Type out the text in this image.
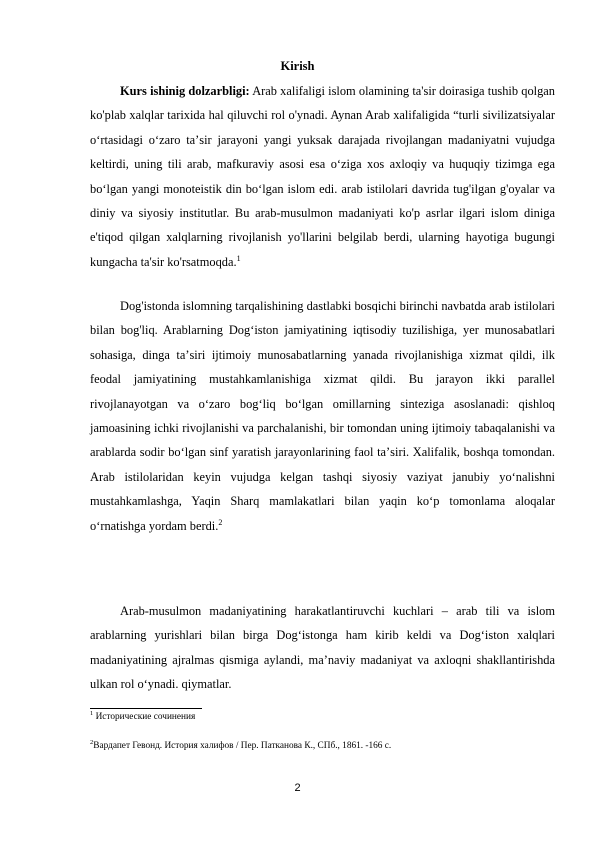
Kirish

Kurs ishinig dolzarbligi: Arab xalifaligi islom olamining ta'sir doirasiga tushib qolgan ko'plab xalqlar tarixida hal qiluvchi rol o'ynadi. Aynan Arab xalifaligida “turli sivilizatsiyalar oʻrtasidagi oʻzaro taʼsir jarayoni yangi yuksak darajada rivojlangan madaniyatni vujudga keltirdi, uning tili arab, mafkuraviy asosi esa oʻziga xos axloqiy va huquqiy tizimga ega boʻlgan yangi monoteistik din boʻlgan islom edi. arab istilolari davrida tug'ilgan g'oyalar va diniy va siyosiy institutlar. Bu arab-musulmon madaniyati ko'p asrlar ilgari islom diniga e'tiqod qilgan xalqlarning rivojlanish yo'llarini belgilab berdi, ularning hayotiga bugungi kungacha ta'sir ko'rsatmoqda.$^1$

Dog'istonda islomning tarqalishining dastlabki bosqichi birinchi navbatda arab istilolari bilan bog'liq. Arablarning Dogʻiston jamiyatining iqtisodiy tuzilishiga, yer munosabatlari sohasiga, dinga taʼsiri ijtimoiy munosabatlarning yanada rivojlanishiga xizmat qildi, ilk feodal jamiyatining mustahkamlanishiga xizmat qildi. Bu jarayon ikki parallel rivojlanayotgan va oʻzaro bogʻliq boʻlgan omillarning sinteziga asoslanadi: qishloq jamoasining ichki rivojlanishi va parchalanishi, bir tomondan uning ijtimoiy tabaqalanishi va arablarda sodir boʻlgan sinf yaratish jarayonlarining faol taʼsiri. Xalifalik, boshqa tomondan. Arab istilolaridan keyin vujudga kelgan tashqi siyosiy vaziyat janubiy yoʻnalishni mustahkamlashga, Yaqin Sharq mamlakatlari bilan yaqin koʻp tomonlama aloqalar oʻrnatishga yordam berdi.$^2$

Arab-musulmon madaniyatining harakatlantiruvchi kuchlari – arab tili va islom arablarning yurishlari bilan birga Dog‘istonga ham kirib keldi va Dog‘iston xalqlari madaniyatining ajralmas qismiga aylandi, ma’naviy madaniyat va axloqni shakllantirishda ulkan rol o‘ynadi. qiymatlar.

$^1$ Исторические сочинения
$^2$Вардапет Гевонд. История халифов / Пер. Патканова К., СПб., 1861. -166 с.
2
